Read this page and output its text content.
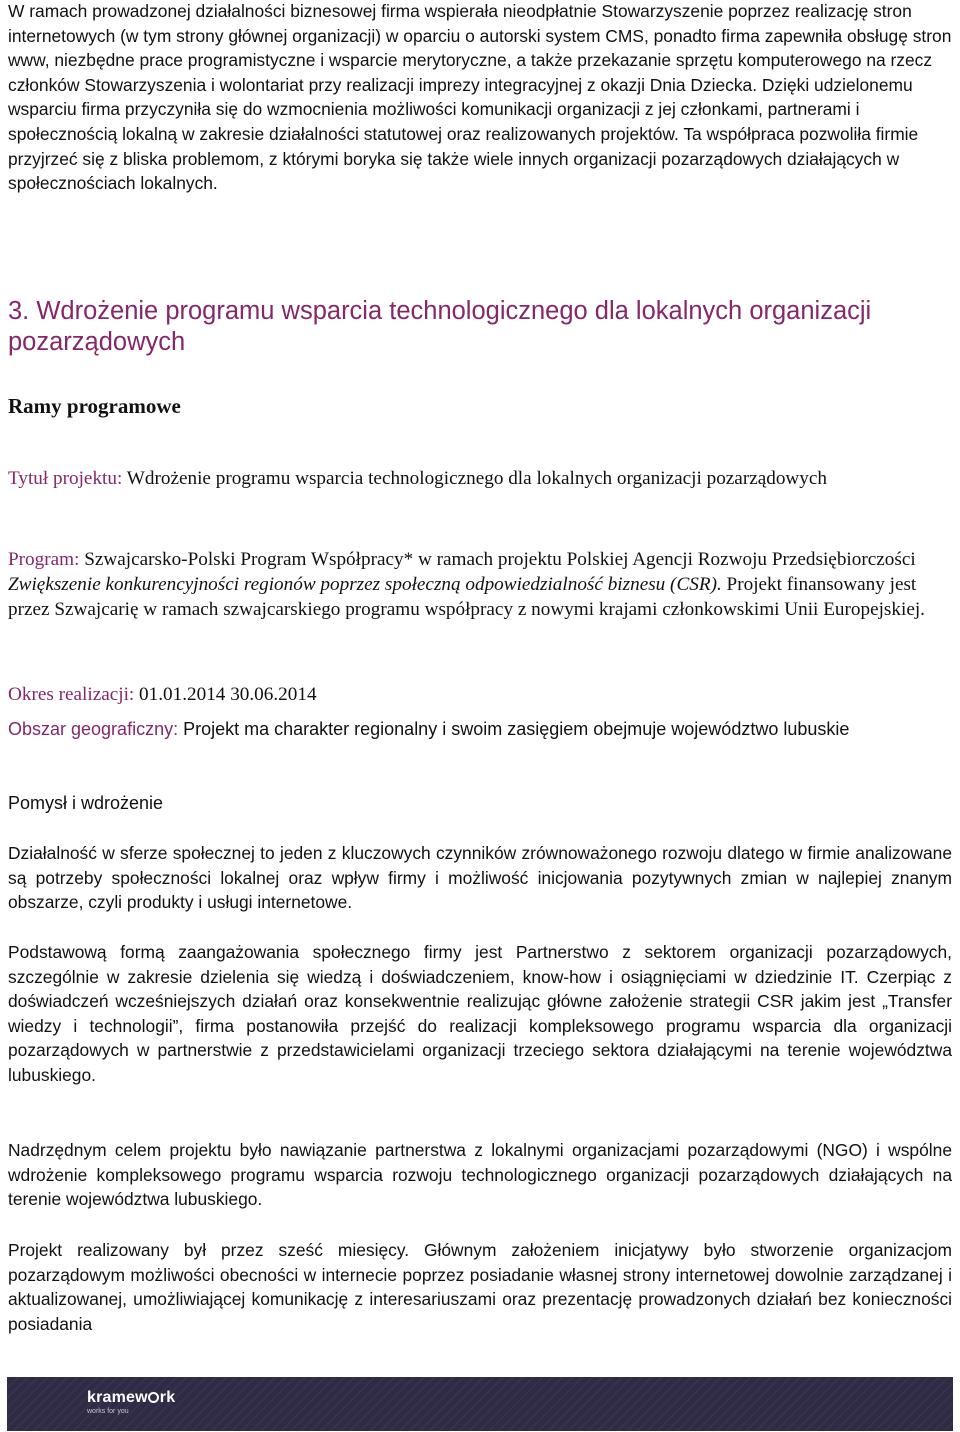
W ramach prowadzonej działalności biznesowej firma wspierała nieodpłatnie Stowarzyszenie poprzez realizację stron internetowych (w tym strony głównej organizacji) w oparciu o autorski system CMS, ponadto firma zapewniła obsługę stron www, niezbędne prace programistyczne i wsparcie merytoryczne, a także przekazanie sprzętu komputerowego na rzecz członków Stowarzyszenia i wolontariat przy realizacji imprezy integracyjnej z okazji Dnia Dziecka. Dzięki udzielonemu wsparciu firma przyczyniła się do wzmocnienia możliwości komunikacji organizacji z jej członkami, partnerami i społecznością lokalną w zakresie działalności statutowej oraz realizowanych projektów. Ta współpraca pozwoliła firmie przyjrzeć się z bliska problemom, z którymi boryka się także wiele innych organizacji pozarządowych działających w społecznościach lokalnych.

3. Wdrożenie programu wsparcia technologicznego dla lokalnych organizacji pozarządowych

Ramy programowe

Tytuł projektu: Wdrożenie programu wsparcia technologicznego dla lokalnych organizacji pozarządowych

Program: Szwajcarsko-Polski Program Współpracy* w ramach projektu Polskiej Agencji Rozwoju Przedsiębiorczości Zwiększenie konkurencyjności regionów poprzez społeczną odpowiedzialność biznesu (CSR). Projekt finansowany jest przez Szwajcarię w ramach szwajcarskiego programu współpracy z nowymi krajami członkowskimi Unii Europejskiej.

Okres realizacji: 01.01.2014 30.06.2014

Obszar geograficzny: Projekt ma charakter regionalny i swoim zasięgiem obejmuje województwo lubuskie

Pomysł i wdrożenie

Działalność w sferze społecznej to jeden z kluczowych czynników zrównoważonego rozwoju dlatego w firmie analizowane są potrzeby społeczności lokalnej oraz wpływ firmy i możliwość inicjowania pozytywnych zmian w najlepiej znanym obszarze, czyli produkty i usługi internetowe.

Podstawową formą zaangażowania społecznego firmy jest Partnerstwo z sektorem organizacji pozarządowych, szczególnie w zakresie dzielenia się wiedzą i doświadczeniem, know-how i osiągnięciami w dziedzinie IT. Czerpiąc z doświadczeń wcześniejszych działań oraz konsekwentnie realizując główne założenie strategii CSR jakim jest „Transfer wiedzy i technologii”, firma postanowiła przejść do realizacji kompleksowego programu wsparcia dla organizacji pozarządowych w partnerstwie z przedstawicielami organizacji trzeciego sektora działającymi na terenie województwa lubuskiego.

Nadrzędnym celem projektu było nawiązanie partnerstwa z lokalnymi organizacjami pozarządowymi (NGO) i wspólne wdrożenie kompleksowego programu wsparcia rozwoju technologicznego organizacji pozarządowych działających na terenie województwa lubuskiego.

Projekt realizowany był przez sześć miesięcy. Głównym założeniem inicjatywy było stworzenie organizacjom pozarządowym możliwości obecności w internecie poprzez posiadanie własnej strony internetowej dowolnie zarządzanej i aktualizowanej, umożliwiającej komunikację z interesariuszami oraz prezentację prowadzonych działań bez konieczności posiadania

kramew rk
works for you
